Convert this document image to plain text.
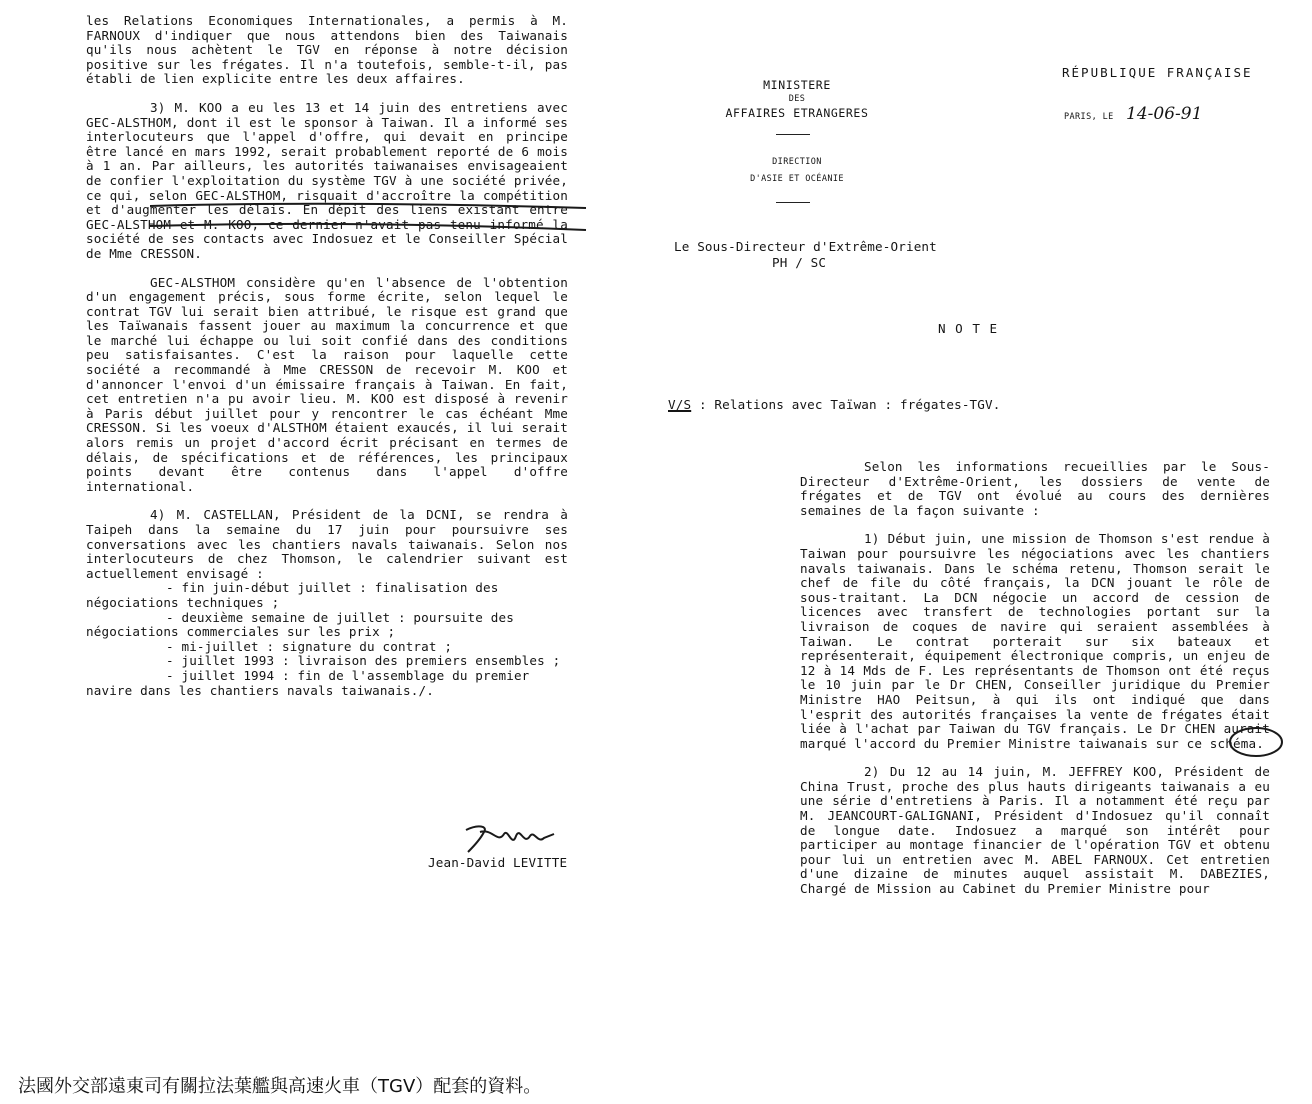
les Relations Economiques Internationales, a permis à M. FARNOUX d'indiquer que nous attendons bien des Taiwanais qu'ils nous achètent le TGV en réponse à notre décision positive sur les frégates. Il n'a toutefois, semble-t-il, pas établi de lien explicite entre les deux affaires.

3) M. KOO a eu les 13 et 14 juin des entretiens avec GEC-ALSTHOM, dont il est le sponsor à Taiwan. Il a informé ses interlocuteurs que l'appel d'offre, qui devait en principe être lancé en mars 1992, serait probablement reporté de 6 mois à 1 an. Par ailleurs, les autorités taiwanaises envisageaient de confier l'exploitation du système TGV à une société privée, ce qui, selon GEC-ALSTHOM, risquait d'accroître la compétition et d'augmenter les délais. En dépit des liens existant entre GEC-ALSTHOM et M. KOO, ce dernier n'avait pas tenu informé la société de ses contacts avec Indosuez et le Conseiller Spécial de Mme CRESSON.

GEC-ALSTHOM considère qu'en l'absence de l'obtention d'un engagement précis, sous forme écrite, selon lequel le contrat TGV lui serait bien attribué, le risque est grand que les Taïwanais fassent jouer au maximum la concurrence et que le marché lui échappe ou lui soit confié dans des conditions peu satisfaisantes. C'est la raison pour laquelle cette société a recommandé à Mme CRESSON de recevoir M. KOO et d'annoncer l'envoi d'un émissaire français à Taiwan. En fait, cet entretien n'a pu avoir lieu. M. KOO est disposé à revenir à Paris début juillet pour y rencontrer le cas échéant Mme CRESSON. Si les voeux d'ALSTHOM étaient exaucés, il lui serait alors remis un projet d'accord écrit précisant en termes de délais, de spécifications et de références, les principaux points devant être contenus dans l'appel d'offre international.

4) M. CASTELLAN, Président de la DCNI, se rendra à Taipeh dans la semaine du 17 juin pour poursuivre ses conversations avec les chantiers navals taiwanais. Selon nos interlocuteurs de chez Thomson, le calendrier suivant est actuellement envisagé :

- fin juin-début juillet : finalisation des négociations techniques ;

- deuxième semaine de juillet : poursuite des négociations commerciales sur les prix ;

- mi-juillet : signature du contrat ;

- juillet 1993 : livraison des premiers ensembles ;

- juillet 1994 : fin de l'assemblage du premier navire dans les chantiers navals taiwanais./.

Jean-David LEVITTE
MINISTERE
DES
AFFAIRES ETRANGERES
DIRECTION
D'ASIE ET OCÉANIE
RÉPUBLIQUE FRANÇAISE
PARIS, LE 14-06-91
Le Sous-Directeur d'Extrême-Orient
PH / SC
N O T E
V/S : Relations avec Taïwan : frégates-TGV.

Selon les informations recueillies par le Sous-Directeur d'Extrême-Orient, les dossiers de vente de frégates et de TGV ont évolué au cours des dernières semaines de la façon suivante :

1) Début juin, une mission de Thomson s'est rendue à Taiwan pour poursuivre les négociations avec les chantiers navals taiwanais. Dans le schéma retenu, Thomson serait le chef de file du côté français, la DCN jouant le rôle de sous-traitant. La DCN négocie un accord de cession de licences avec transfert de technologies portant sur la livraison de coques de navire qui seraient assemblées à Taiwan. Le contrat porterait sur six bateaux et représenterait, équipement électronique compris, un enjeu de 12 à 14 Mds de F. Les représentants de Thomson ont été reçus le 10 juin par le Dr CHEN, Conseiller juridique du Premier Ministre HAO Peitsun, à qui ils ont indiqué que dans l'esprit des autorités françaises la vente de frégates était liée à l'achat par Taiwan du TGV français. Le Dr CHEN aurait marqué l'accord du Premier Ministre taiwanais sur ce schéma.

2) Du 12 au 14 juin, M. JEFFREY KOO, Président de China Trust, proche des plus hauts dirigeants taiwanais a eu une série d'entretiens à Paris. Il a notamment été reçu par M. JEANCOURT-GALIGNANI, Président d'Indosuez qu'il connaît de longue date. Indosuez a marqué son intérêt pour participer au montage financier de l'opération TGV et obtenu pour lui un entretien avec M. ABEL FARNOUX. Cet entretien d'une dizaine de minutes auquel assistait M. DABEZIES, Chargé de Mission au Cabinet du Premier Ministre pour

法國外交部遠東司有關拉法葉艦與高速火車（TGV）配套的資料。
